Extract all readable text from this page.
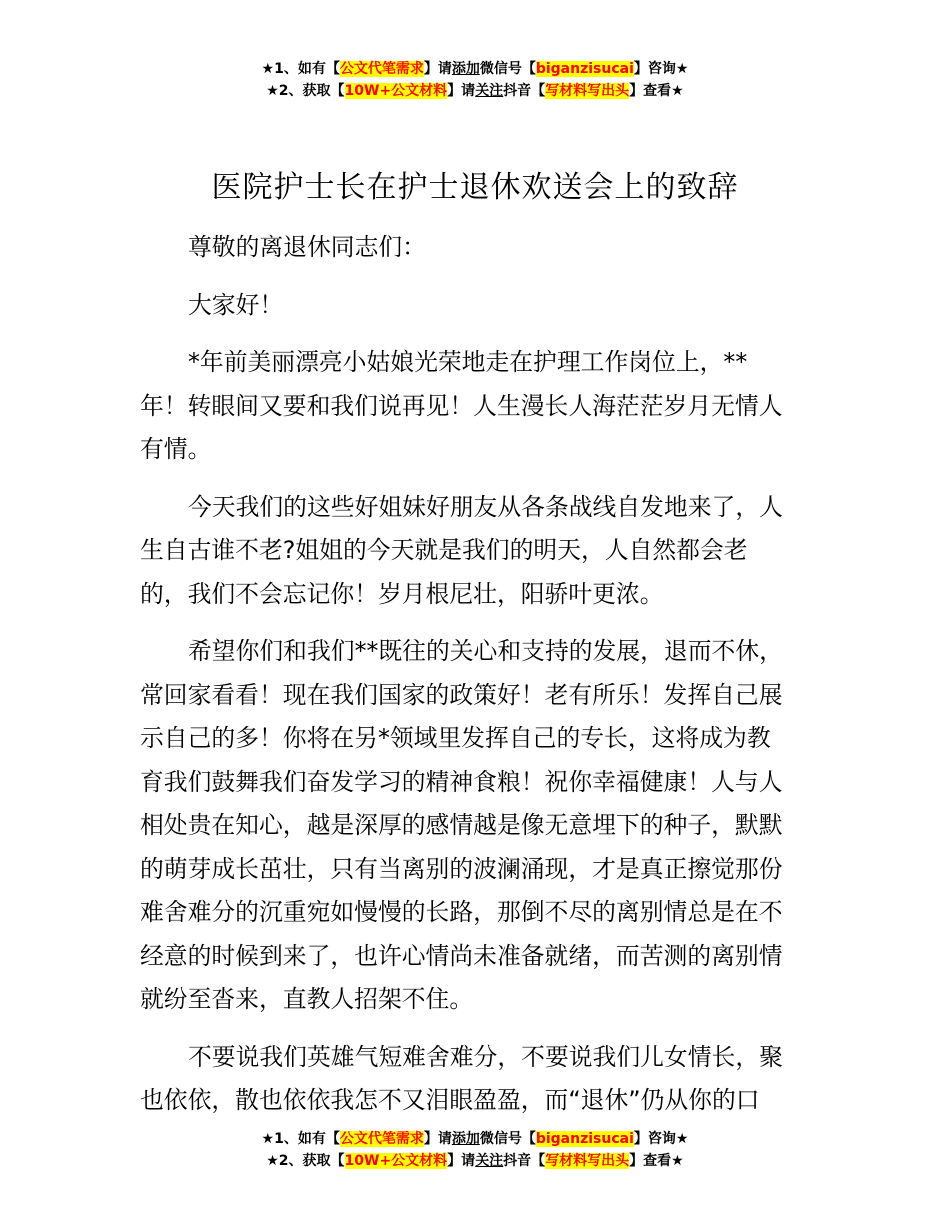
★1、如有【公文代笔需求】请添加微信号【biganzisucai】咨询★
★2、获取【10W+公文材料】请关注抖音【写材料写出头】查看★
医院护士长在护士退休欢送会上的致辞

尊敬的离退休同志们：

大家好！

*年前美丽漂亮小姑娘光荣地走在护理工作岗位上，**
年！转眼间又要和我们说再见！人生漫长人海茫茫岁月无情人
有情。

今天我们的这些好姐妹好朋友从各条战线自发地来了，人
生自古谁不老?姐姐的今天就是我们的明天，人自然都会老
的，我们不会忘记你！岁月根尼壮，阳骄叶更浓。

希望你们和我们**既往的关心和支持的发展，退而不休，
常回家看看！现在我们国家的政策好！老有所乐！发挥自己展
示自己的多！你将在另*领域里发挥自己的专长，这将成为教
育我们鼓舞我们奋发学习的精神食粮！祝你幸福健康！人与人
相处贵在知心，越是深厚的感情越是像无意埋下的种子，默默
的萌芽成长茁壮，只有当离别的波澜涌现，才是真正擦觉那份
难舍难分的沉重宛如慢慢的长路，那倒不尽的离别情总是在不
经意的时候到来了，也许心情尚未准备就绪，而苦测的离别情
就纷至沓来，直教人招架不住。

不要说我们英雄气短难舍难分，不要说我们儿女情长，聚
也依依，散也依依我怎不又泪眼盈盈，而“退休”仍从你的口

★1、如有【公文代笔需求】请添加微信号【biganzisucai】咨询★
★2、获取【10W+公文材料】请关注抖音【写材料写出头】查看★
